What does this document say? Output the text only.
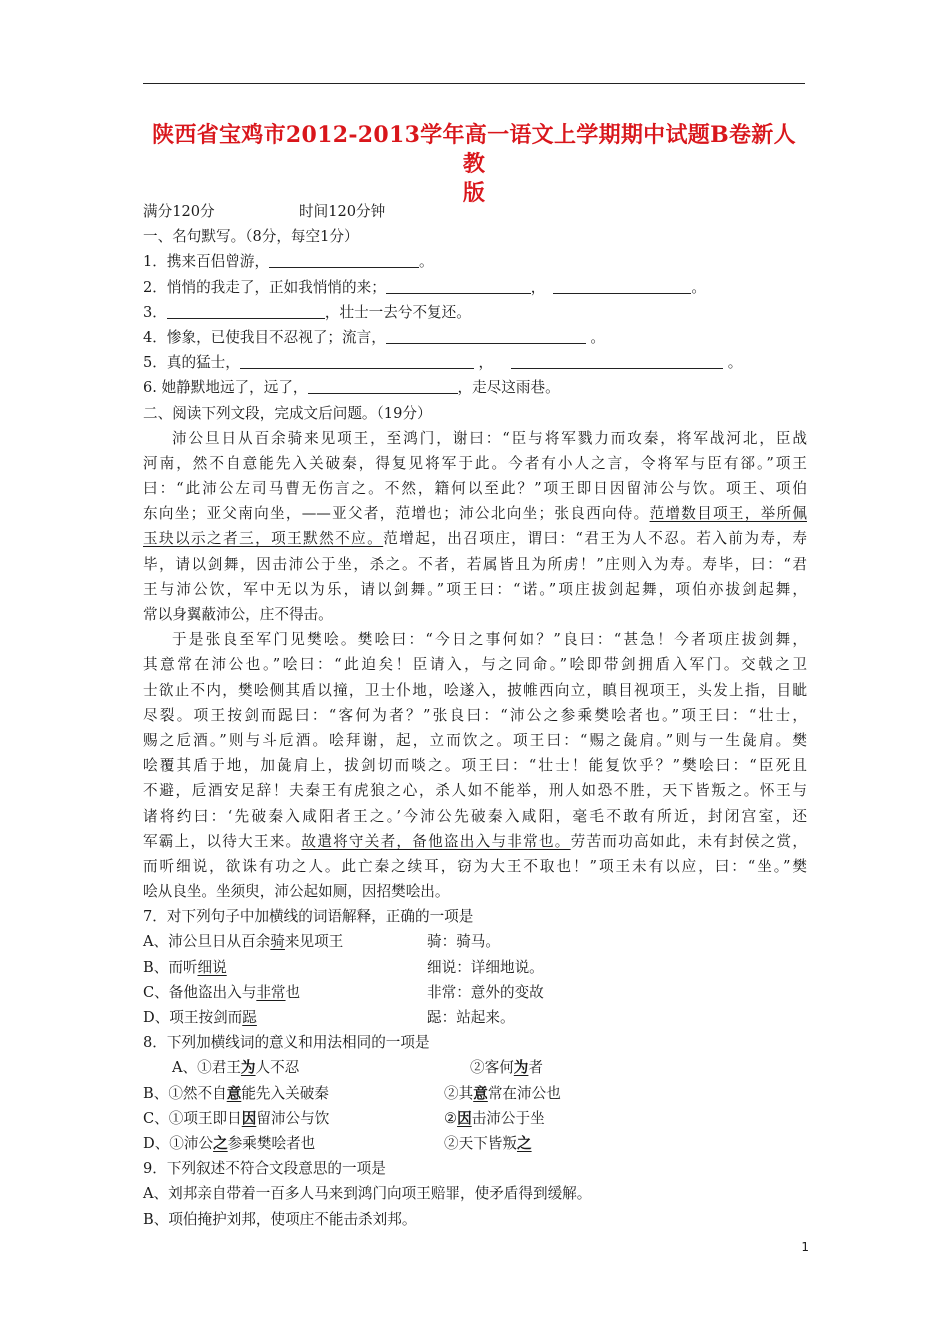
陕西省宝鸡市2012-2013学年高一语文上学期期中试题B卷新人教
版
满分120分	时间120分钟
一、名句默写。（8分，每空1分）
1．携来百侣曾游，	。
2．悄悄的我走了，正如我悄悄的来；	，	。
3．	，壮士一去兮不复还。
4．惨象，已使我目不忍视了；流言，	。
5．真的猛士，	，	。
6. 她静默地远了，远了，	，走尽这雨巷。
二、阅读下列文段，完成文后问题。（19分）
沛公旦日从百余骑来见项王，至鸿门，谢曰：“臣与将军戮力而攻秦，将军战河北，臣战
河南，然不自意能先入关破秦，得复见将军于此。今者有小人之言，令将军与臣有郤。”项王
曰：“此沛公左司马曹无伤言之。不然，籍何以至此？”项王即日因留沛公与饮。项王、项伯
东向坐；亚父南向坐，——亚父者，范增也；沛公北向坐；张良西向侍。范增数目项王，举所佩
玉玦以示之者三，项王默然不应。范增起，出召项庄，谓曰：“君王为人不忍。若入前为寿，寿
毕，请以剑舞，因击沛公于坐，杀之。不者，若属皆且为所虏！”庄则入为寿。寿毕，曰：“君
王与沛公饮，军中无以为乐，请以剑舞。”项王曰：“诺。”项庄拔剑起舞，项伯亦拔剑起舞，
常以身翼蔽沛公，庄不得击。
于是张良至军门见樊哙。樊哙曰：“今日之事何如？”良曰：“甚急！今者项庄拔剑舞，
其意常在沛公也。”哙曰：“此迫矣！臣请入，与之同命。”哙即带剑拥盾入军门。交戟之卫
士欲止不内，樊哙侧其盾以撞，卫士仆地，哙遂入，披帷西向立，瞋目视项王，头发上指，目眦
尽裂。项王按剑而跽曰：“客何为者？”张良曰：“沛公之参乘樊哙者也。”项王曰：“壮士，
赐之卮酒。”则与斗卮酒。哙拜谢，起，立而饮之。项王曰：“赐之彘肩。”则与一生彘肩。樊
哙覆其盾于地，加彘肩上，拔剑切而啖之。项王曰：“壮士！能复饮乎？”樊哙曰：“臣死且
不避，卮酒安足辞！夫秦王有虎狼之心，杀人如不能举，刑人如恐不胜，天下皆叛之。怀王与
诸将约曰：‘先破秦入咸阳者王之。’今沛公先破秦入咸阳，毫毛不敢有所近，封闭宫室，还
军霸上，以待大王来。故遣将守关者，备他盗出入与非常也。劳苦而功高如此，未有封侯之赏，
而听细说，欲诛有功之人。此亡秦之续耳，窃为大王不取也！”项王未有以应，曰：“坐。”樊
哙从良坐。坐须臾，沛公起如厕，因招樊哙出。
7．对下列句子中加横线的词语解释，正确的一项是
A、沛公旦日从百余骑来见项王	骑：骑马。
B、而听细说	细说：详细地说。
C、备他盗出入与非常也	非常：意外的变故
D、项王按剑而跽	跽：站起来。
8．下列加横线词的意义和用法相同的一项是
A、①君王为人不忍	②客何为者
B、①然不自意能先入关破秦	②其意常在沛公也
C、①项王即日因留沛公与饮	②因击沛公于坐
D、①沛公之参乘樊哙者也	②天下皆叛之
9．下列叙述不符合文段意思的一项是
A、刘邦亲自带着一百多人马来到鸿门向项王赔罪，使矛盾得到缓解。
B、项伯掩护刘邦，使项庄不能击杀刘邦。
1
